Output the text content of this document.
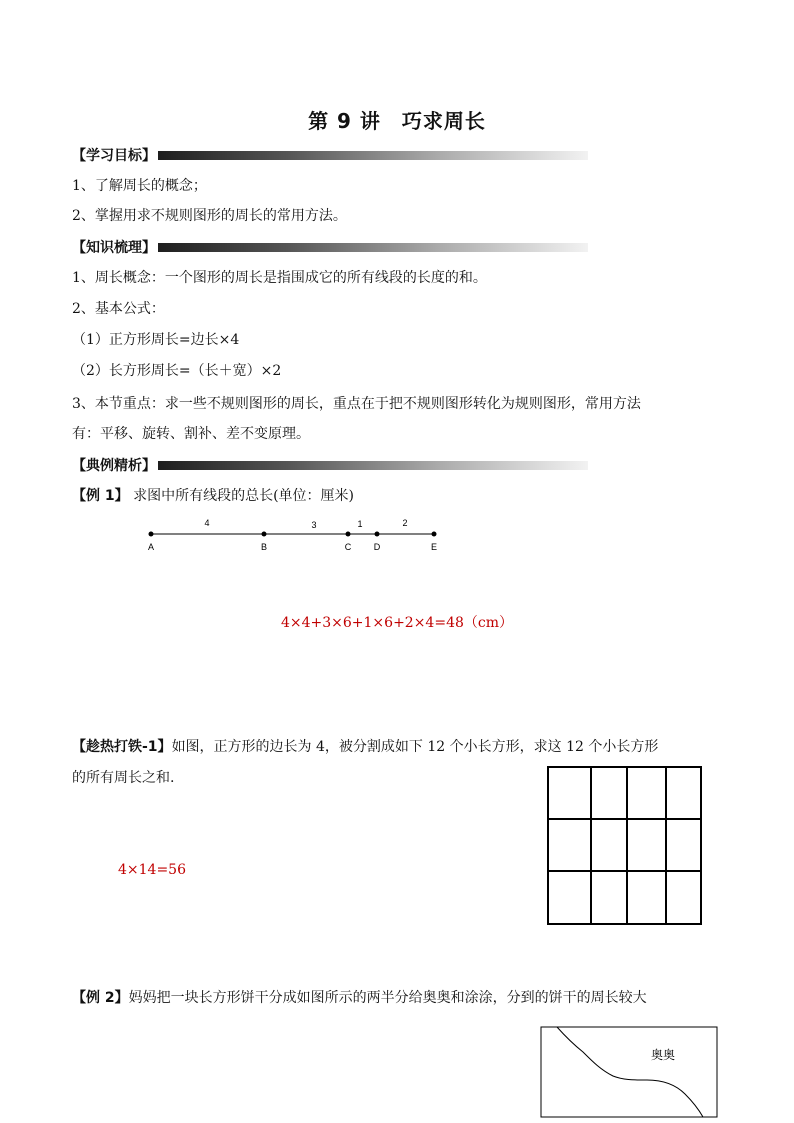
第 9 讲　巧求周长
【学习目标】
1、了解周长的概念；
2、掌握用求不规则图形的周长的常用方法。
【知识梳理】
1、周长概念：一个图形的周长是指围成它的所有线段的长度的和。
2、基本公式：
（1）正方形周长=边长×4
（2）长方形周长=（长＋宽）×2
3、本节重点：求一些不规则图形的周长，重点在于把不规则图形转化为规则图形，常用方法
有：平移、旋转、割补、差不变原理。
【典例精析】
【例 1】 求图中所有线段的总长(单位：厘米)
A	B	C	D	E
4	3	1	2
4×4+3×6+1×6+2×4=48（cm）
【趁热打铁-1】如图，正方形的边长为 4，被分割成如下 12 个小长方形，求这 12 个小长方形
的所有周长之和.
4×14=56
【例 2】妈妈把一块长方形饼干分成如图所示的两半分给奥奥和涂涂，分到的饼干的周长较大
奥奥
